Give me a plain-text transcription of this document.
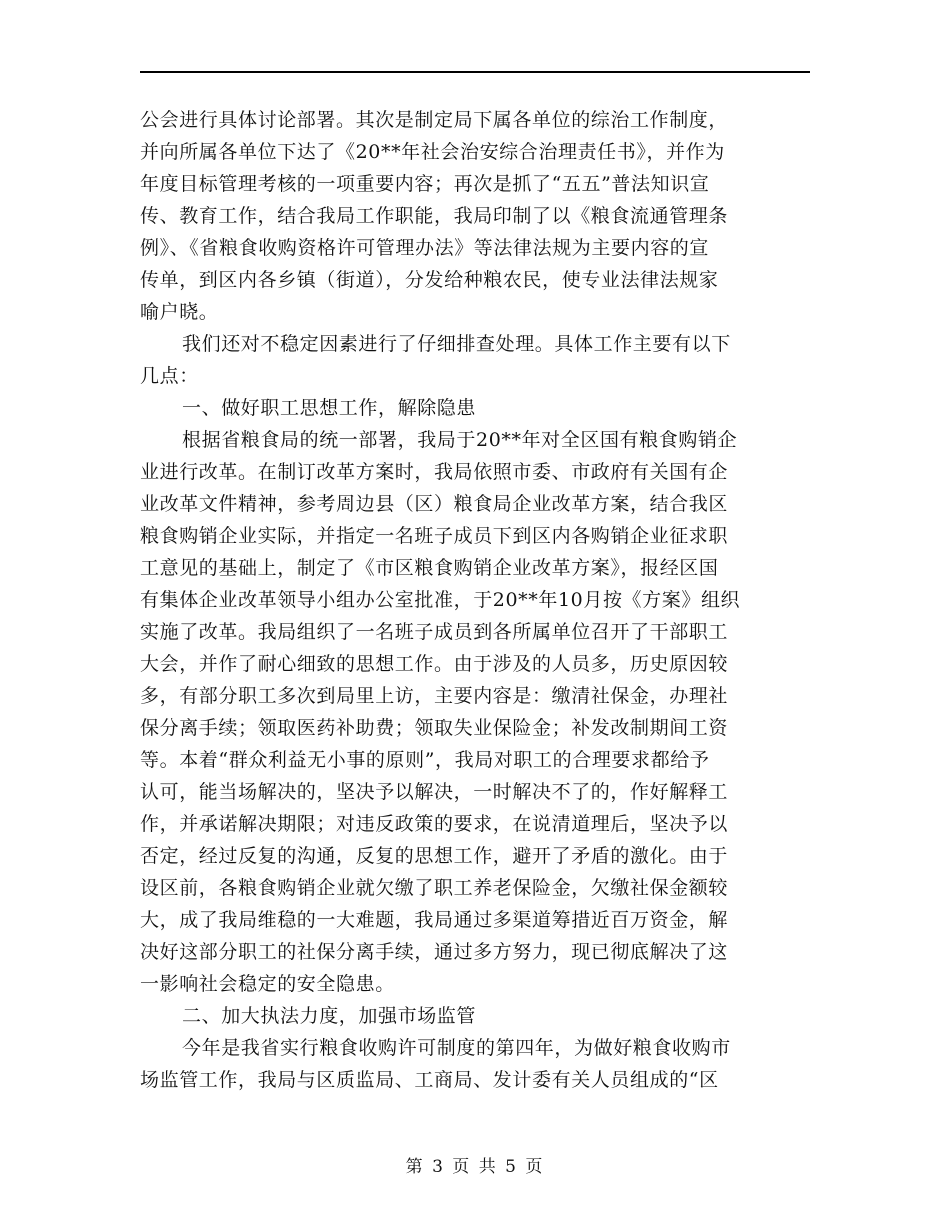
公会进行具体讨论部署。其次是制定局下属各单位的综治工作制度，
并向所属各单位下达了《20**年社会治安综合治理责任书》，并作为
年度目标管理考核的一项重要内容；再次是抓了“五五”普法知识宣
传、教育工作，结合我局工作职能，我局印制了以《粮食流通管理条
例》、《省粮食收购资格许可管理办法》等法律法规为主要内容的宣
传单，到区内各乡镇（街道），分发给种粮农民，使专业法律法规家
喻户晓。
我们还对不稳定因素进行了仔细排查处理。具体工作主要有以下
几点：
一、做好职工思想工作，解除隐患
根据省粮食局的统一部署，我局于20**年对全区国有粮食购销企
业进行改革。在制订改革方案时，我局依照市委、市政府有关国有企
业改革文件精神，参考周边县（区）粮食局企业改革方案，结合我区
粮食购销企业实际，并指定一名班子成员下到区内各购销企业征求职
工意见的基础上，制定了《市区粮食购销企业改革方案》，报经区国
有集体企业改革领导小组办公室批准，于20**年10月按《方案》组织
实施了改革。我局组织了一名班子成员到各所属单位召开了干部职工
大会，并作了耐心细致的思想工作。由于涉及的人员多，历史原因较
多，有部分职工多次到局里上访，主要内容是：缴清社保金，办理社
保分离手续；领取医药补助费；领取失业保险金；补发改制期间工资
等。本着“群众利益无小事的原则”，我局对职工的合理要求都给予
认可，能当场解决的，坚决予以解决，一时解决不了的，作好解释工
作，并承诺解决期限；对违反政策的要求，在说清道理后，坚决予以
否定，经过反复的沟通，反复的思想工作，避开了矛盾的激化。由于
设区前，各粮食购销企业就欠缴了职工养老保险金，欠缴社保金额较
大，成了我局维稳的一大难题，我局通过多渠道筹措近百万资金，解
决好这部分职工的社保分离手续，通过多方努力，现已彻底解决了这
一影响社会稳定的安全隐患。
二、加大执法力度，加强市场监管
今年是我省实行粮食收购许可制度的第四年，为做好粮食收购市
场监管工作，我局与区质监局、工商局、发计委有关人员组成的“区
第 3 页 共 5 页
